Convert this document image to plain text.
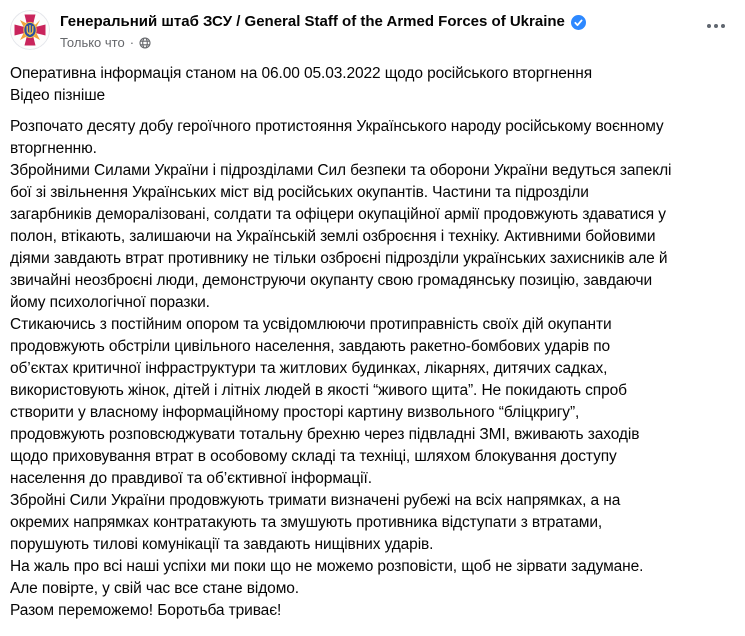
Генеральний штаб ЗСУ / General Staff of the Armed Forces of Ukraine
Только что ·
Оперативна інформація станом на 06.00 05.03.2022 щодо російського вторгнення
Відео пізніше
Розпочато десяту добу героїчного протистояння Українського народу російському воєнному
вторгненню.
Збройними Силами України і підрозділами Сил безпеки та оборони України ведуться запеклі
бої зі звільнення Українських міст від російських окупантів. Частини та підрозділи
загарбників деморалізовані, солдати та офіцери окупаційної армії продовжують здаватися у
полон, втікають, залишаючи на Українській землі озброєння і техніку. Активними бойовими
діями завдають втрат противнику не тільки озброєні підрозділи українських захисників але й
звичайні неозброєні люди, демонструючи окупанту свою громадянську позицію, завдаючи
йому психологічної поразки.
Стикаючись з постійним опором та усвідомлюючи протиправність своїх дій окупанти
продовжують обстріли цивільного населення, завдають ракетно-бомбових ударів по
об’єктах критичної інфраструктури та житлових будинках, лікарнях, дитячих садках,
використовують жінок, дітей і літніх людей в якості “живого щита”. Не покидають спроб
створити у власному інформаційному просторі картину визвольного “бліцкригу”,
продовжують розповсюджувати тотальну брехню через підвладні ЗМІ, вживають заходів
щодо приховування втрат в особовому складі та техніці, шляхом блокування доступу
населення до правдивої та об’єктивної інформації.
Збройні Сили України продовжують тримати визначені рубежі на всіх напрямках, а на
окремих напрямках контратакують та змушують противника відступати з втратами,
порушують тилові комунікації та завдають нищівних ударів.
На жаль про всі наші успіхи ми поки що не можемо розповісти, щоб не зірвати задумане.
Але повірте, у свій час все стане відомо.
Разом переможемо! Боротьба триває!
